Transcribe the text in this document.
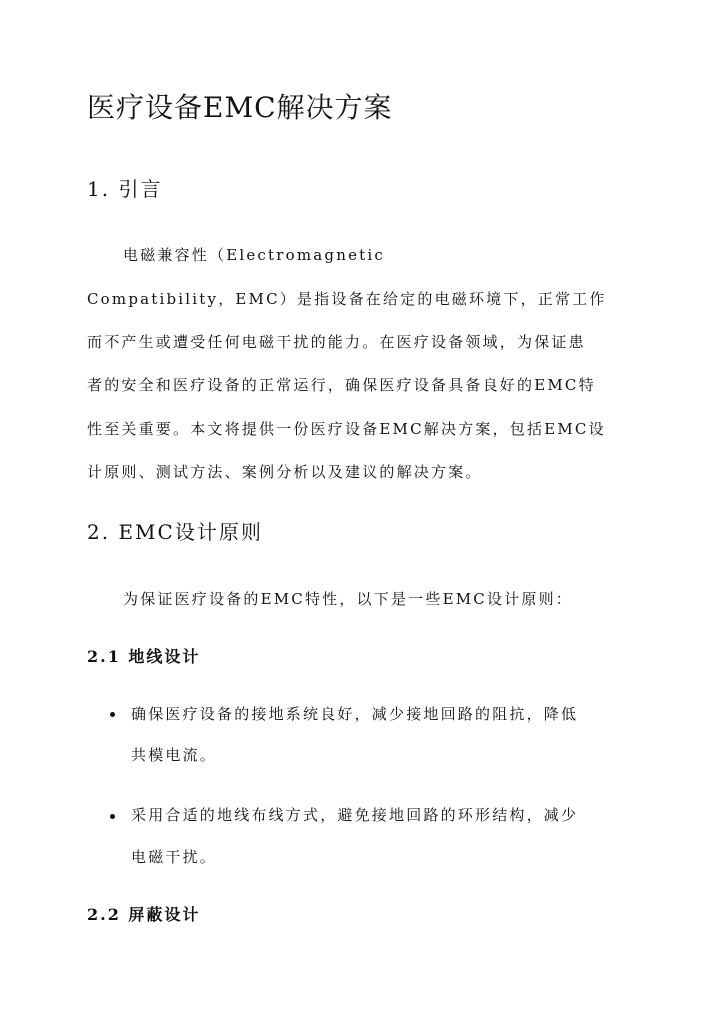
医疗设备EMC解决方案
1. 引言
电磁兼容性（Electromagnetic
Compatibility，EMC）是指设备在给定的电磁环境下，正常工作
而不产生或遭受任何电磁干扰的能力。在医疗设备领域，为保证患
者的安全和医疗设备的正常运行，确保医疗设备具备良好的EMC特
性至关重要。本文将提供一份医疗设备EMC解决方案，包括EMC设
计原则、测试方法、案例分析以及建议的解决方案。
2. EMC设计原则
为保证医疗设备的EMC特性，以下是一些EMC设计原则：
2.1 地线设计
确保医疗设备的接地系统良好，减少接地回路的阻抗，降低
共模电流。
采用合适的地线布线方式，避免接地回路的环形结构，减少
电磁干扰。
2.2 屏蔽设计
